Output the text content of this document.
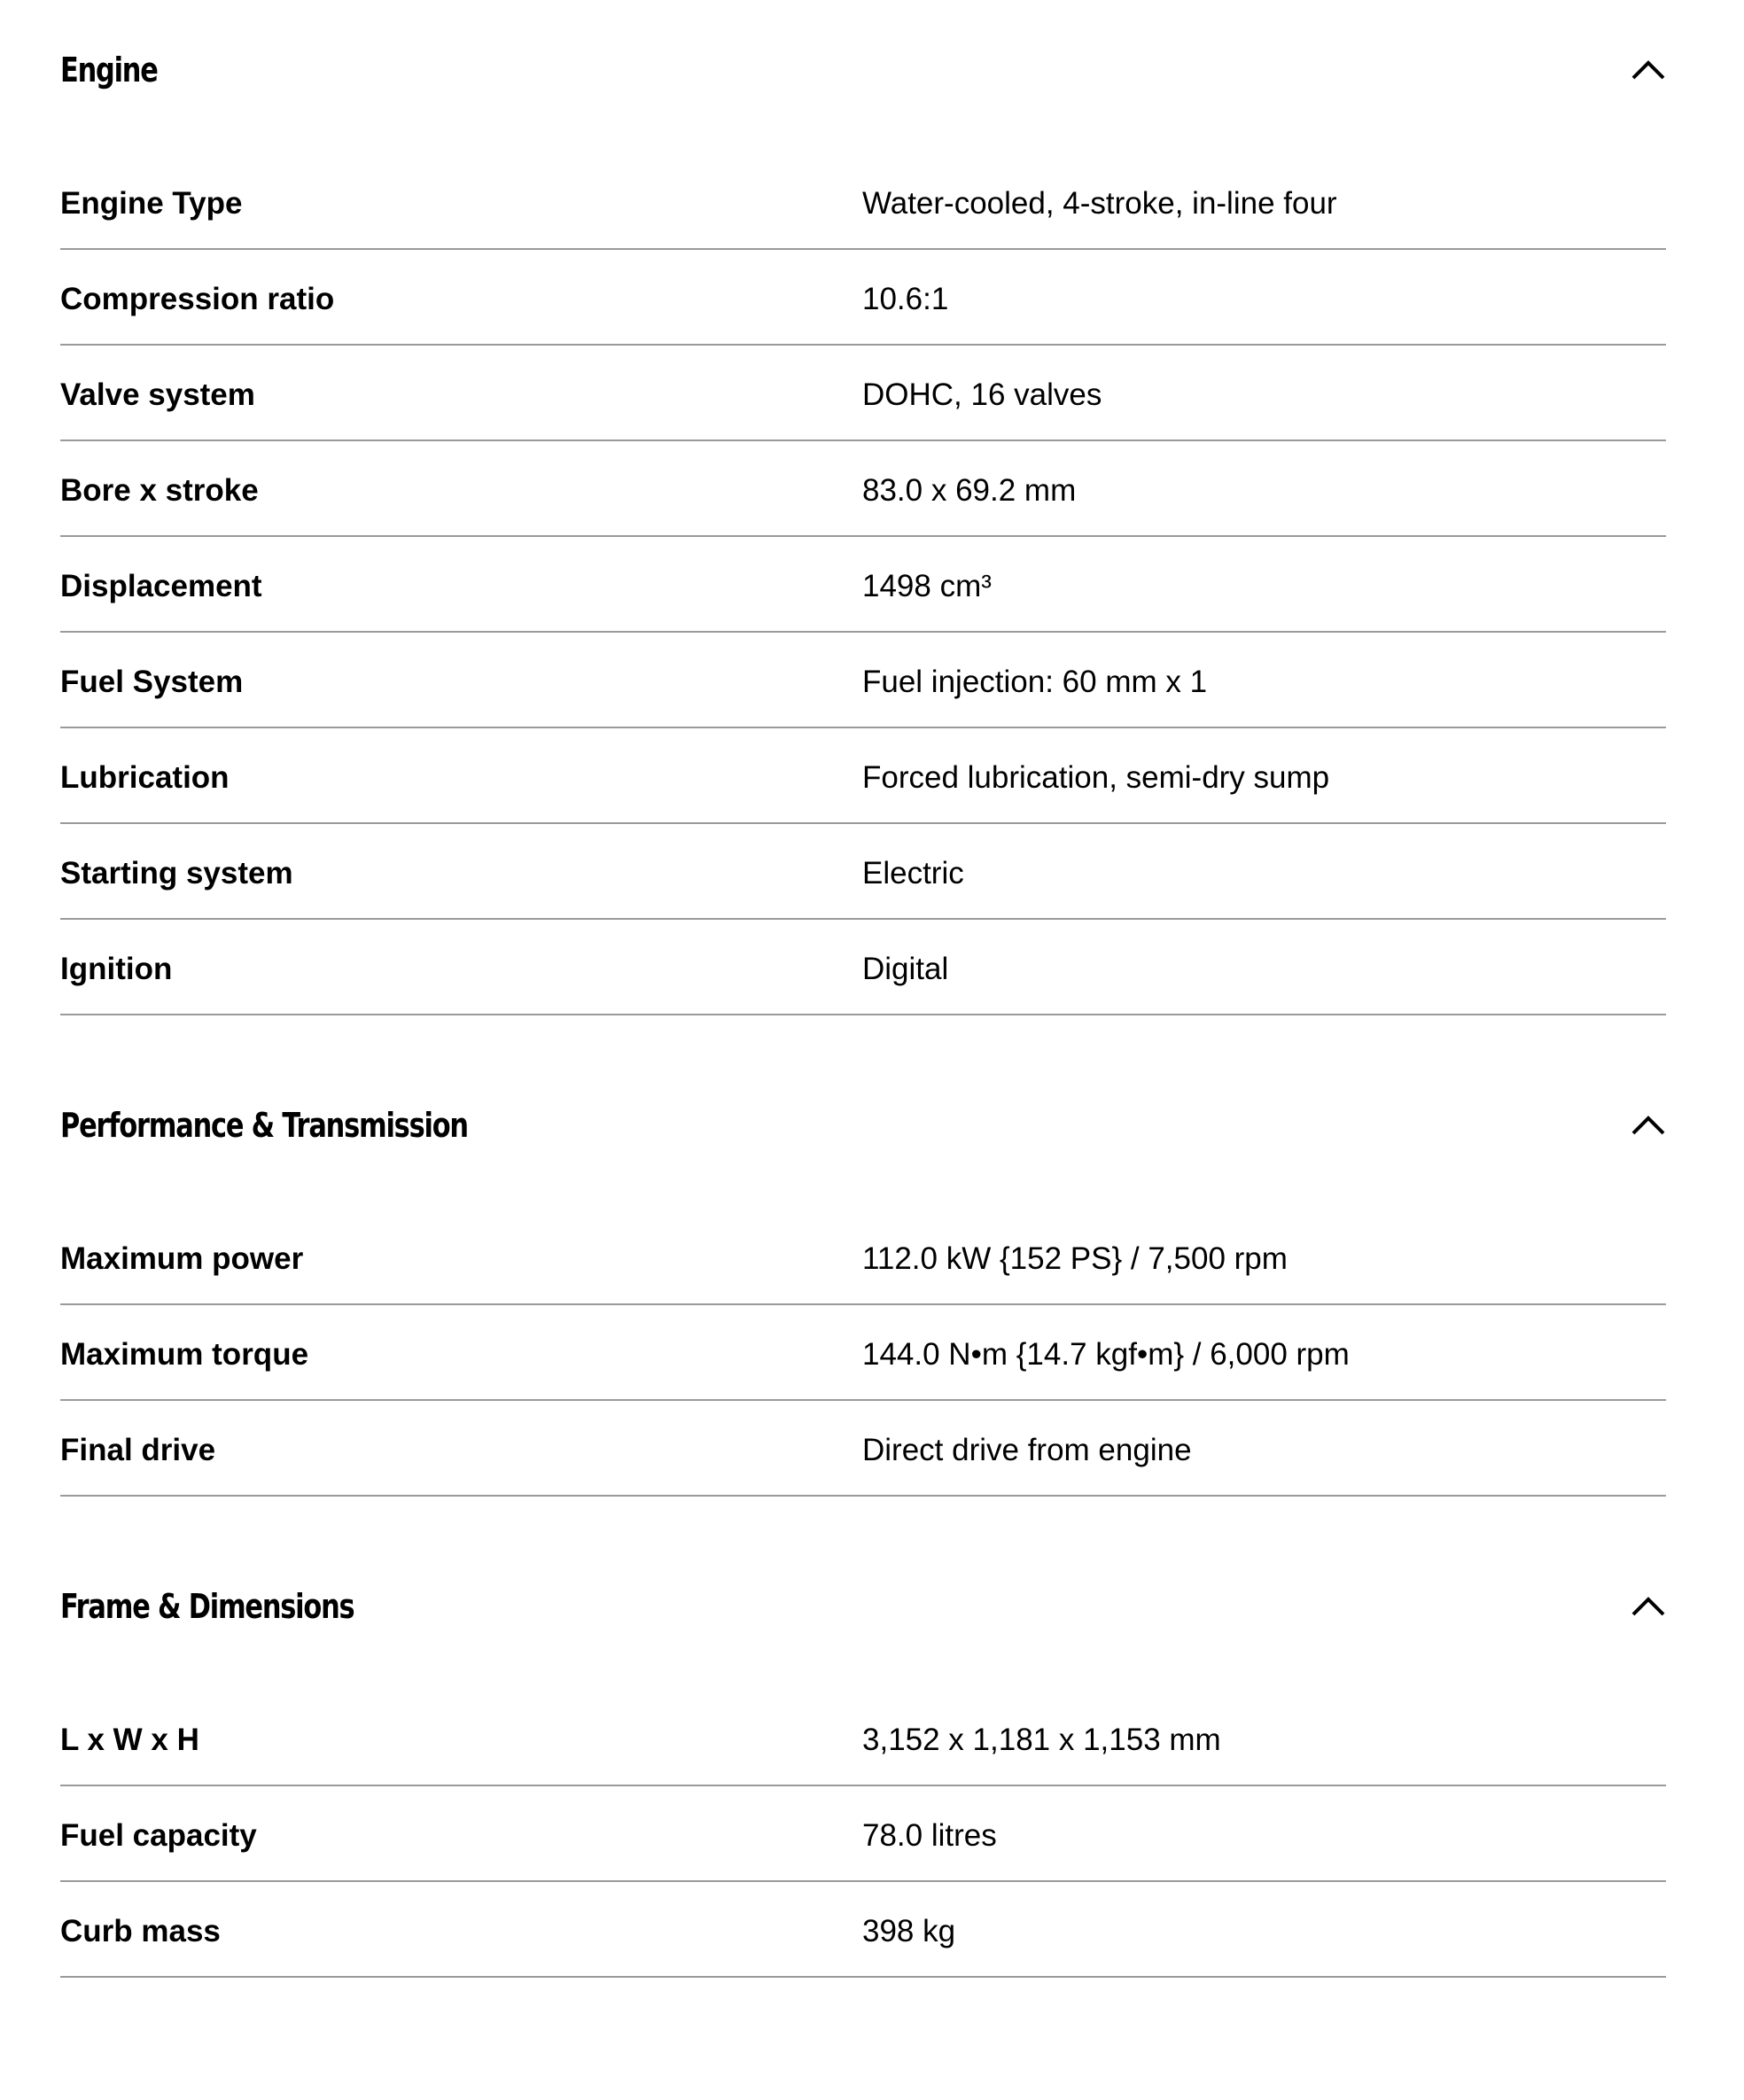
Engine
Engine Type	Water-cooled, 4-stroke, in-line four
Compression ratio	10.6:1
Valve system	DOHC, 16 valves
Bore x stroke	83.0 x 69.2 mm
Displacement	1498 cm³
Fuel System	Fuel injection: 60 mm x 1
Lubrication	Forced lubrication, semi-dry sump
Starting system	Electric
Ignition	Digital
Performance & Transmission
Maximum power	112.0 kW {152 PS} / 7,500 rpm
Maximum torque	144.0 N•m {14.7 kgf•m} / 6,000 rpm
Final drive	Direct drive from engine
Frame & Dimensions
L x W x H	3,152 x 1,181 x 1,153 mm
Fuel capacity	78.0 litres
Curb mass	398 kg
